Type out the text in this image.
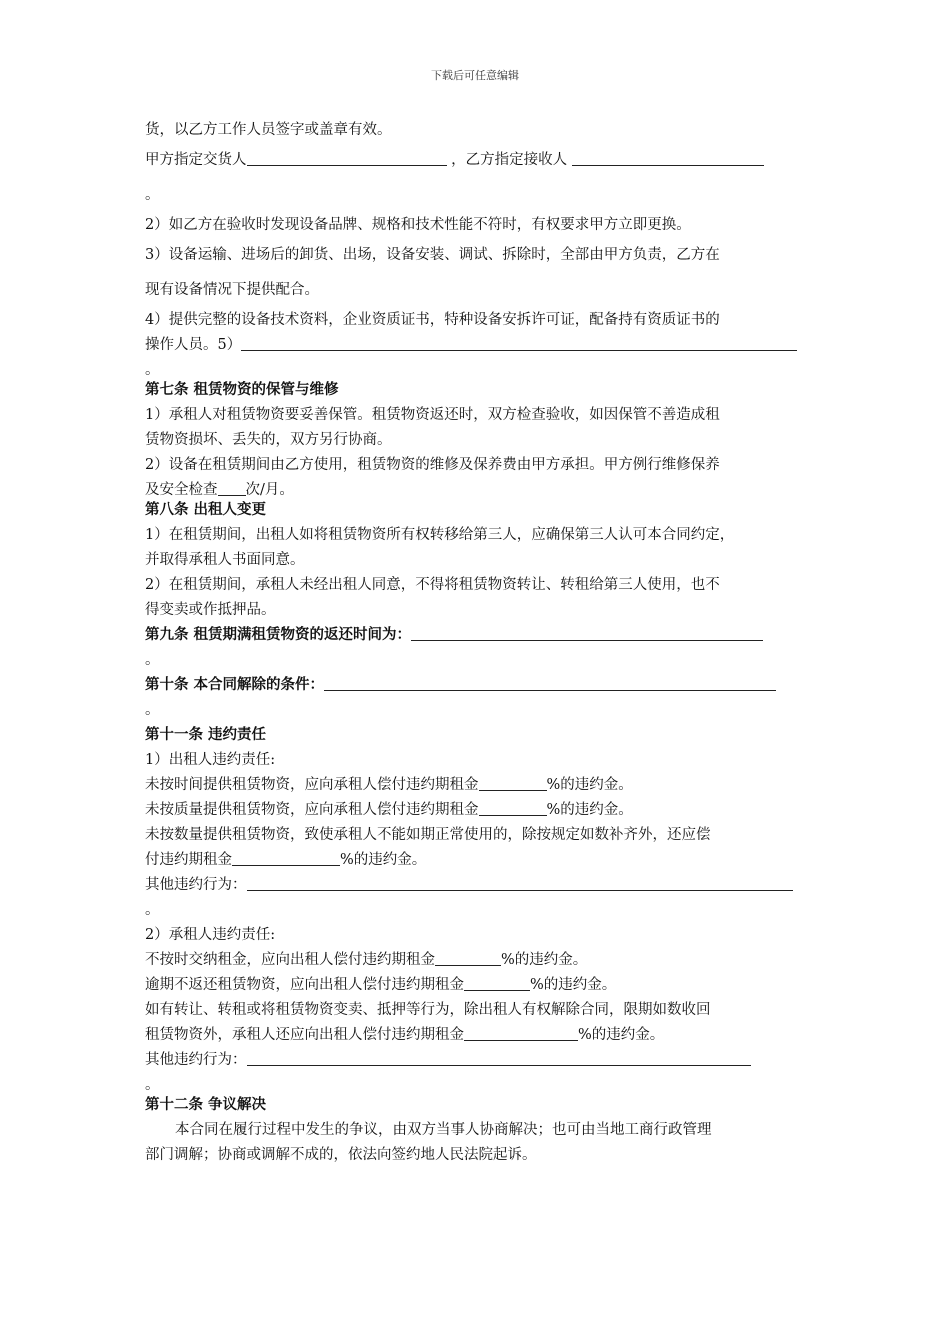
下载后可任意编辑
货，以乙方工作人员签字或盖章有效。
甲方指定交货人	，乙方指定接收人
。
2）如乙方在验收时发现设备品牌、规格和技术性能不符时，有权要求甲方立即更换。
3）设备运输、进场后的卸货、出场，设备安装、调试、拆除时，全部由甲方负责，乙方在
现有设备情况下提供配合。
4）提供完整的设备技术资料，企业资质证书，特种设备安拆许可证，配备持有资质证书的
操作人员。5）
。
第七条 租赁物资的保管与维修
1）承租人对租赁物资要妥善保管。租赁物资返还时，双方检查验收，如因保管不善造成租
赁物资损坏、丢失的，双方另行协商。
2）设备在租赁期间由乙方使用，租赁物资的维修及保养费由甲方承担。甲方例行维修保养
及安全检查 次/月。
第八条 出租人变更
1）在租赁期间，出租人如将租赁物资所有权转移给第三人，应确保第三人认可本合同约定，
并取得承租人书面同意。
2）在租赁期间，承租人未经出租人同意，不得将租赁物资转让、转租给第三人使用，也不
得变卖或作抵押品。
第九条 租赁期满租赁物资的返还时间为：
。
第十条 本合同解除的条件：
。
第十一条 违约责任
1）出租人违约责任:
未按时间提供租赁物资，应向承租人偿付违约期租金	%的违约金。
未按质量提供租赁物资，应向承租人偿付违约期租金	%的违约金。
未按数量提供租赁物资，致使承租人不能如期正常使用的，除按规定如数补齐外，还应偿
付违约期租金	%的违约金。
其他违约行为：
。
2）承租人违约责任:
不按时交纳租金，应向出租人偿付违约期租金	%的违约金。
逾期不返还租赁物资，应向出租人偿付违约期租金	%的违约金。
如有转让、转租或将租赁物资变卖、抵押等行为，除出租人有权解除合同，限期如数收回
租赁物资外，承租人还应向出租人偿付违约期租金	%的违约金。
其他违约行为：
。
第十二条 争议解决
本合同在履行过程中发生的争议，由双方当事人协商解决；也可由当地工商行政管理
部门调解；协商或调解不成的，依法向签约地人民法院起诉。
